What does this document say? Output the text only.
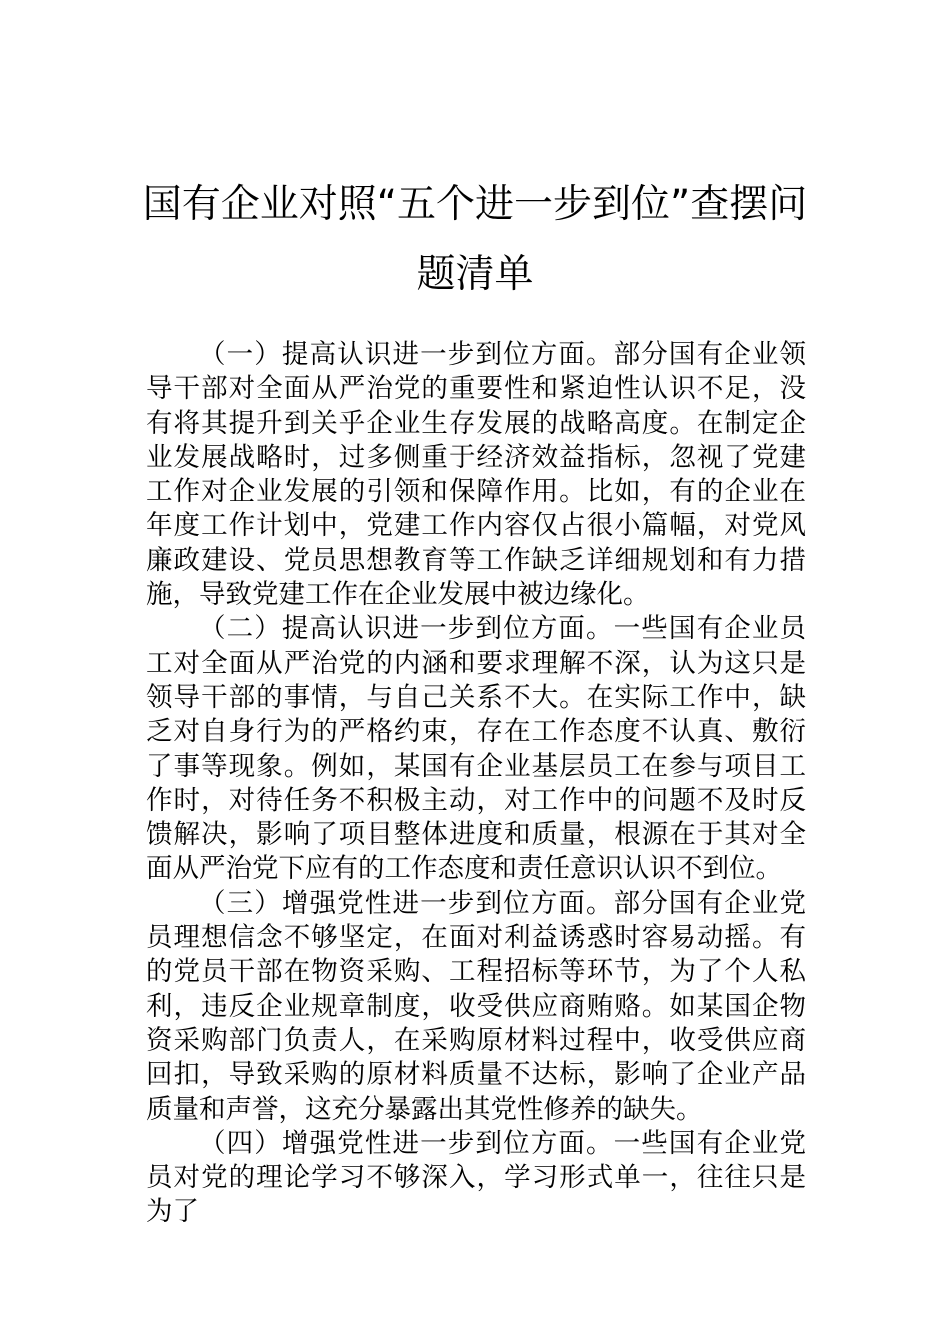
国有企业对照“五个进一步到位”查摆问题清单

（一）提高认识进一步到位方面。部分国有企业领导干部对全面从严治党的重要性和紧迫性认识不足，没有将其提升到关乎企业生存发展的战略高度。在制定企业发展战略时，过多侧重于经济效益指标，忽视了党建工作对企业发展的引领和保障作用。比如，有的企业在年度工作计划中，党建工作内容仅占很小篇幅，对党风廉政建设、党员思想教育等工作缺乏详细规划和有力措施，导致党建工作在企业发展中被边缘化。

（二）提高认识进一步到位方面。一些国有企业员工对全面从严治党的内涵和要求理解不深，认为这只是领导干部的事情，与自己关系不大。在实际工作中，缺乏对自身行为的严格约束，存在工作态度不认真、敷衍了事等现象。例如，某国有企业基层员工在参与项目工作时，对待任务不积极主动，对工作中的问题不及时反馈解决，影响了项目整体进度和质量，根源在于其对全面从严治党下应有的工作态度和责任意识认识不到位。

（三）增强党性进一步到位方面。部分国有企业党员理想信念不够坚定，在面对利益诱惑时容易动摇。有的党员干部在物资采购、工程招标等环节，为了个人私利，违反企业规章制度，收受供应商贿赂。如某国企物资采购部门负责人，在采购原材料过程中，收受供应商回扣，导致采购的原材料质量不达标，影响了企业产品质量和声誉，这充分暴露出其党性修养的缺失。

（四）增强党性进一步到位方面。一些国有企业党员对党的理论学习不够深入，学习形式单一，往往只是为了
